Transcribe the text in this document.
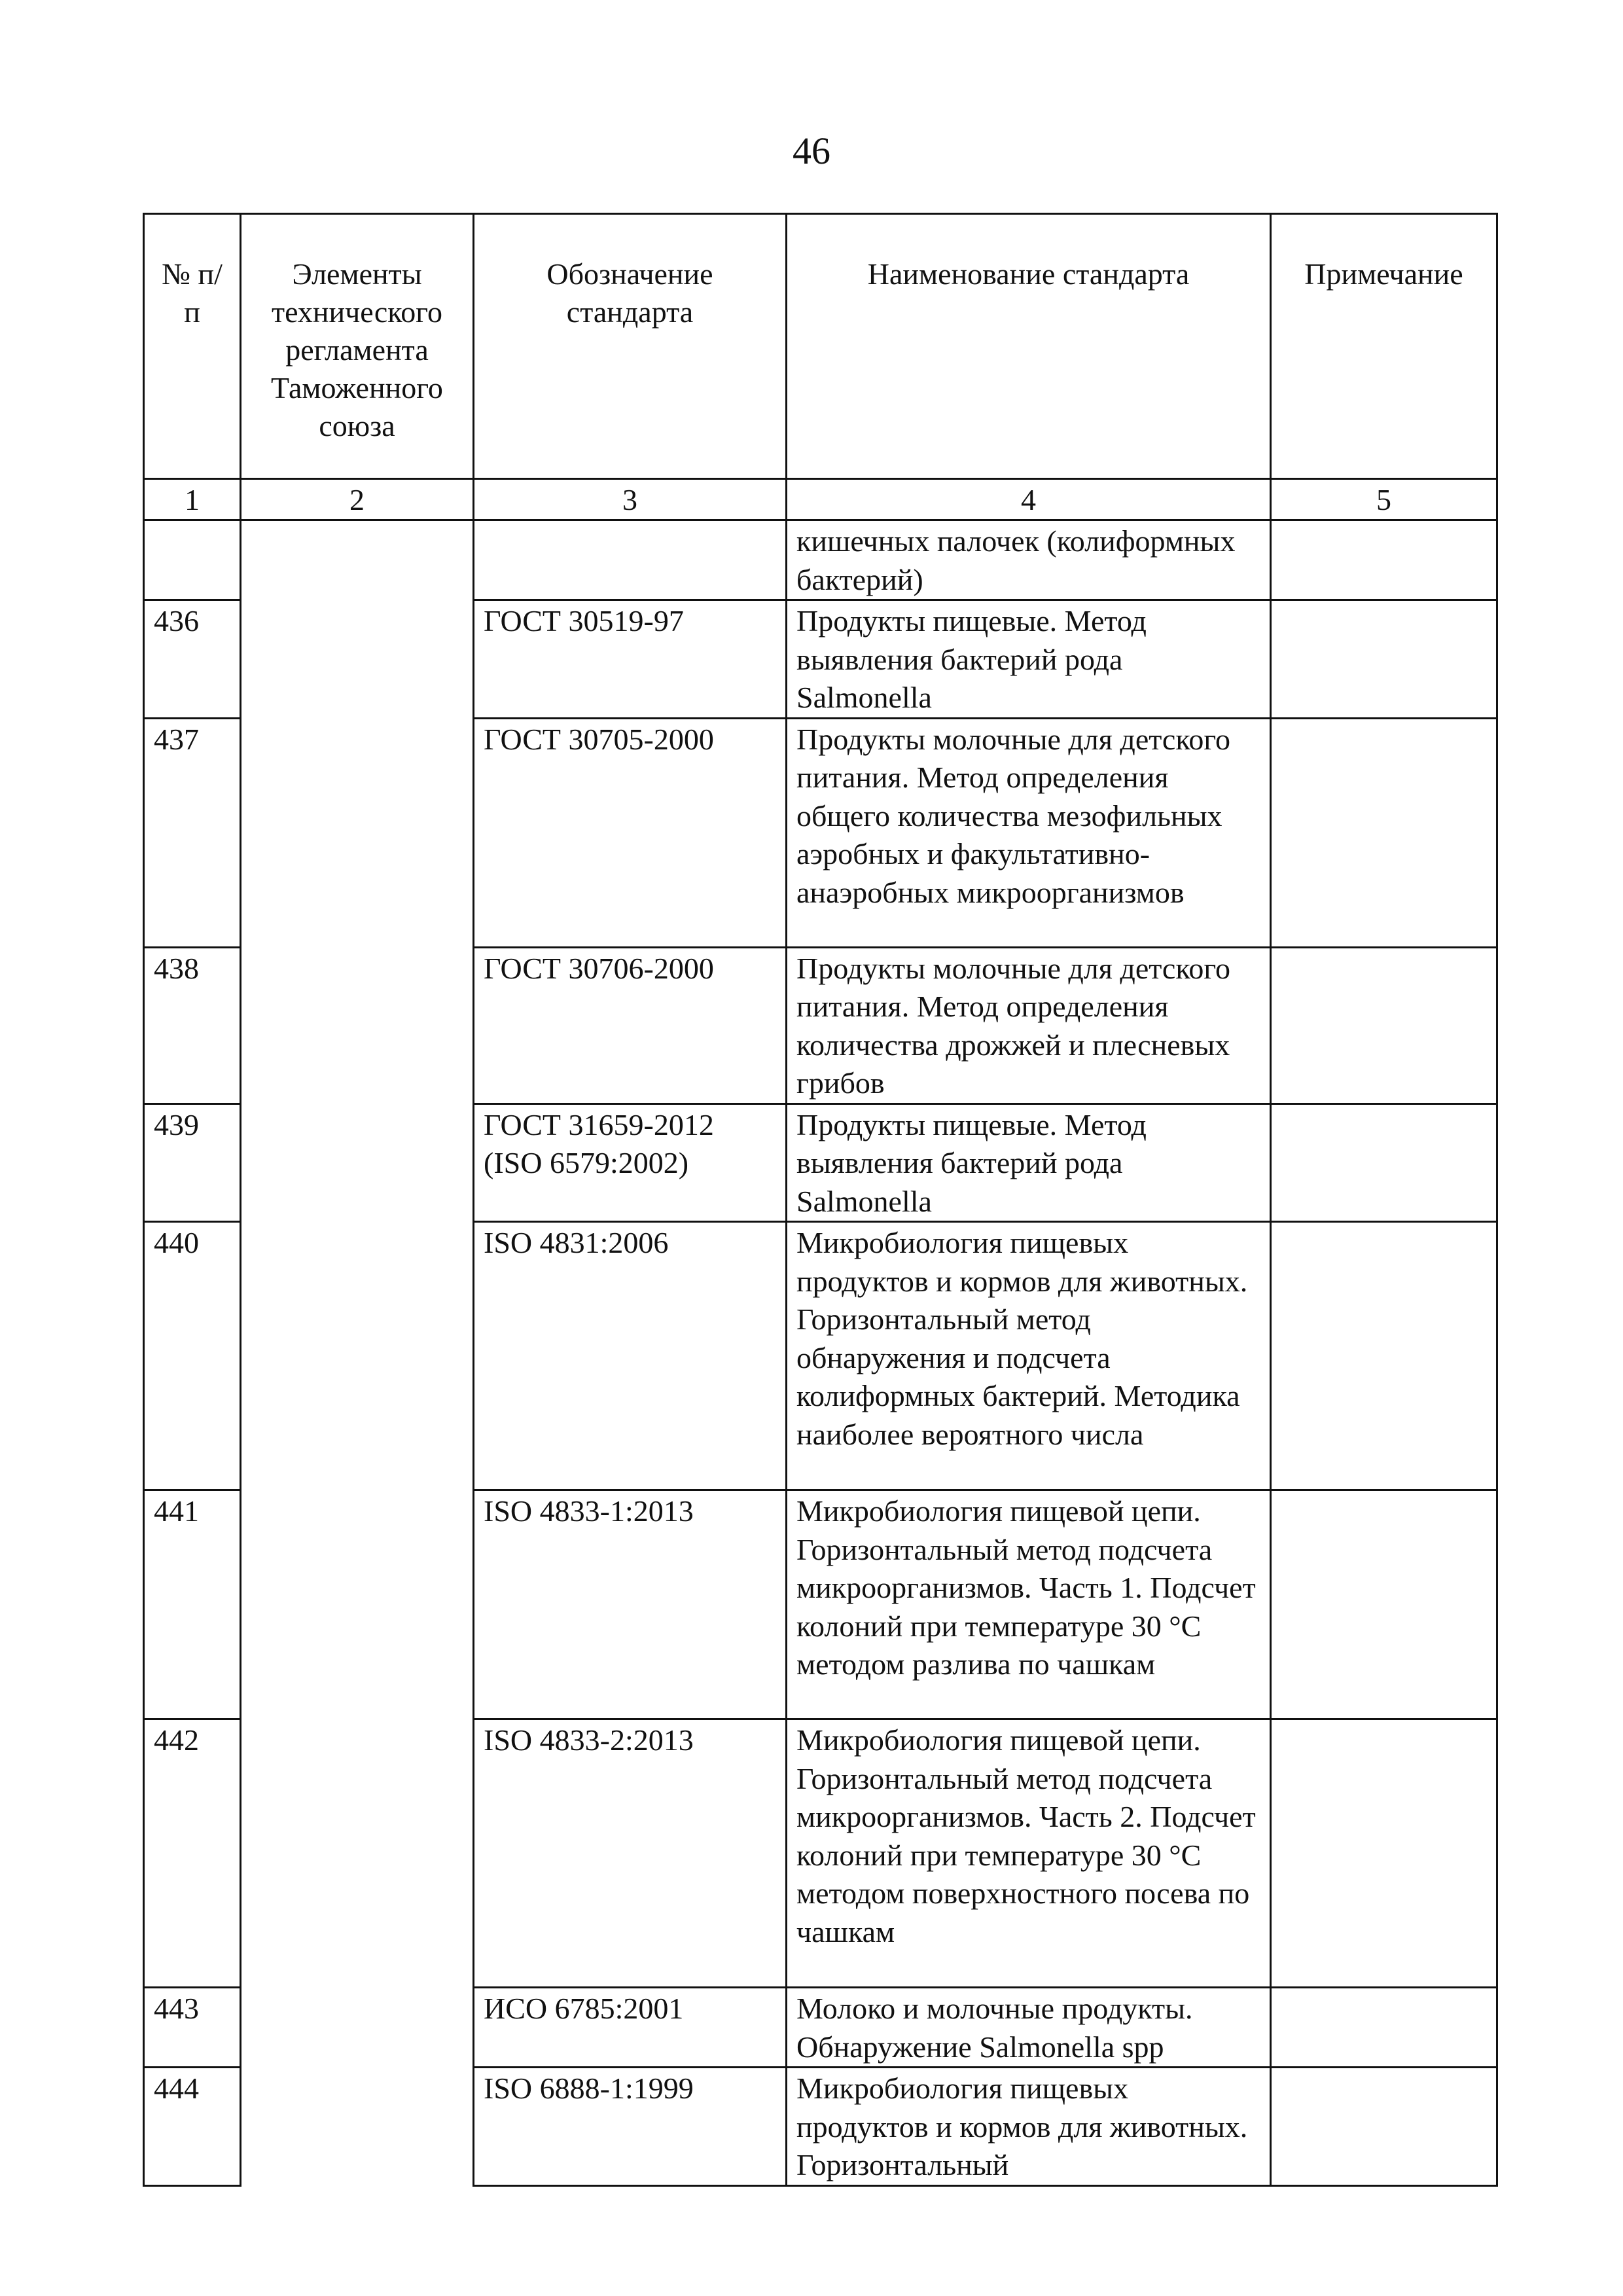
46
№ п/п	Элементы технического регламента Таможенного союза	Обозначение стандарта	Наименование стандарта	Примечание
1	2	3	4	5
			кишечных палочек (колиформных бактерий)	
436		ГОСТ 30519-97	Продукты пищевые. Метод выявления бактерий рода Salmonella	
437		ГОСТ 30705-2000	Продукты молочные для детского питания. Метод определения общего количества мезофильных аэробных и факультативно-анаэробных микроорганизмов	
438		ГОСТ 30706-2000	Продукты молочные для детского питания. Метод определения количества дрожжей и плесневых грибов	
439		ГОСТ 31659-2012 (ISO 6579:2002)	Продукты пищевые. Метод выявления бактерий рода Salmonella	
440		ISO 4831:2006	Микробиология пищевых продуктов и кормов для животных. Горизонтальный метод обнаружения и подсчета колиформных бактерий. Методика наиболее вероятного числа	
441		ISO 4833-1:2013	Микробиология пищевой цепи. Горизонтальный метод подсчета микроорганизмов. Часть 1. Подсчет колоний при температуре 30 °С методом разлива по чашкам	
442		ISO 4833-2:2013	Микробиология пищевой цепи. Горизонтальный метод подсчета микроорганизмов. Часть 2. Подсчет колоний при температуре 30 °С методом поверхностного посева по чашкам	
443		ИСО 6785:2001	Молоко и молочные продукты. Обнаружение Salmonella spp	
444		ISO 6888-1:1999	Микробиология пищевых продуктов и кормов для животных. Горизонтальный	
